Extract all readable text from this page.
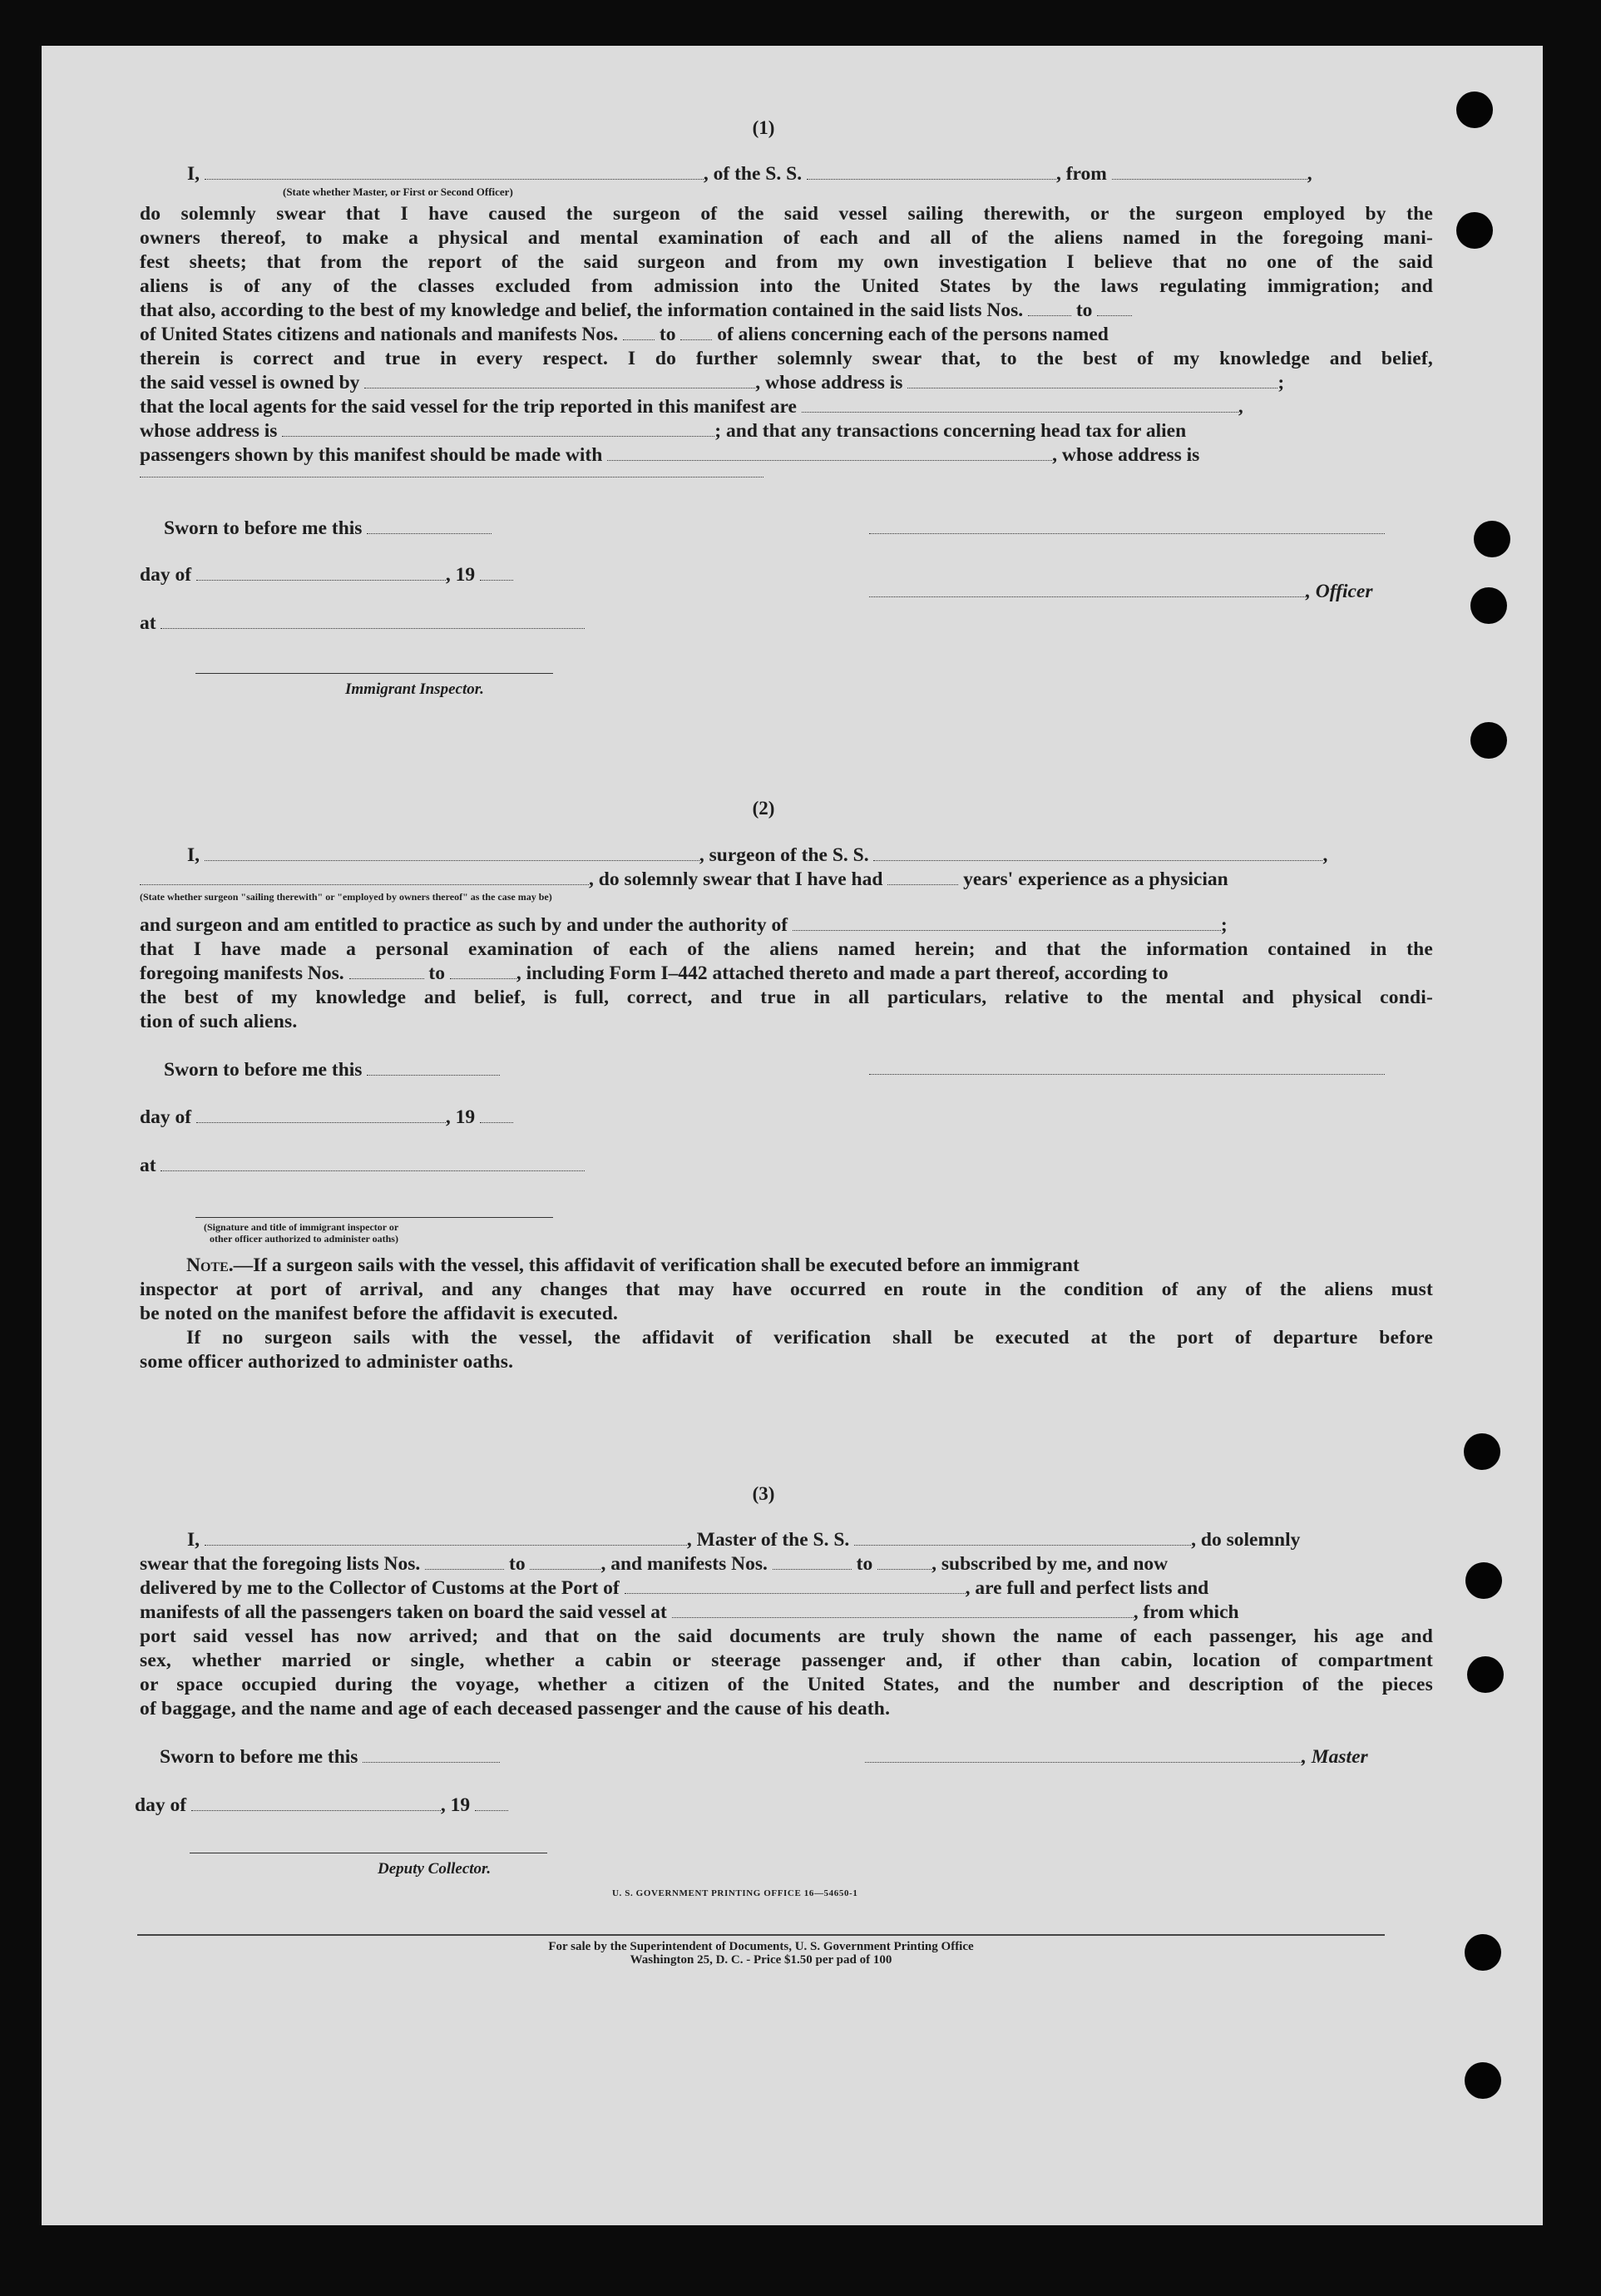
(1)
I,	, of the S. S.	, from	,
(State whether Master, or First or Second Officer)
do solemnly swear that I have caused the surgeon of the said vessel sailing therewith, or the surgeon employed by the
owners thereof, to make a physical and mental examination of each and all of the aliens named in the foregoing mani-
fest sheets; that from the report of the said surgeon and from my own investigation I believe that no one of the said
aliens is of any of the classes excluded from admission into the United States by the laws regulating immigration; and
that also, according to the best of my knowledge and belief, the information contained in the said lists Nos.	to
of United States citizens and nationals and manifests Nos. to of aliens concerning each of the persons named
therein is correct and true in every respect. I do further solemnly swear that, to the best of my knowledge and belief,
the said vessel is owned by	, whose address is	;
that the local agents for the said vessel for the trip reported in this manifest are	,
whose address is	; and that any transactions concerning head tax for alien
passengers shown by this manifest should be made with	, whose address is
Sworn to before me this
day of	, 19
at
Immigrant Inspector.
, Officer
(2)
I,	, surgeon of the S. S.	,
, do solemnly swear that I have had	years' experience as a physician
(State whether surgeon "sailing therewith" or "employed by owners thereof" as the case may be)
and surgeon and am entitled to practice as such by and under the authority of	;
that I have made a personal examination of each of the aliens named herein; and that the information contained in the
foregoing manifests Nos.	to	, including Form I–442 attached thereto and made a part thereof, according to
the best of my knowledge and belief, is full, correct, and true in all particulars, relative to the mental and physical condi-
tion of such aliens.
Sworn to before me this
day of	, 19
at
(Signature and title of immigrant inspector or
other officer authorized to administer oaths)
Note.—If a surgeon sails with the vessel, this affidavit of verification shall be executed before an immigrant
inspector at port of arrival, and any changes that may have occurred en route in the condition of any of the aliens must
be noted on the manifest before the affidavit is executed.
If no surgeon sails with the vessel, the affidavit of verification shall be executed at the port of departure before
some officer authorized to administer oaths.
(3)
I,	, Master of the S. S.	, do solemnly
swear that the foregoing lists Nos.	to	, and manifests Nos.	to	, subscribed by me, and now
delivered by me to the Collector of Customs at the Port of	, are full and perfect lists and
manifests of all the passengers taken on board the said vessel at	, from which
port said vessel has now arrived; and that on the said documents are truly shown the name of each passenger, his age and
sex, whether married or single, whether a cabin or steerage passenger and, if other than cabin, location of compartment
or space occupied during the voyage, whether a citizen of the United States, and the number and description of the pieces
of baggage, and the name and age of each deceased passenger and the cause of his death.
Sworn to before me this	, Master
day of	, 19
Deputy Collector.
U. S. GOVERNMENT PRINTING OFFICE 16—54650-1
For sale by the Superintendent of Documents, U. S. Government Printing Office
Washington 25, D. C. - Price $1.50 per pad of 100
